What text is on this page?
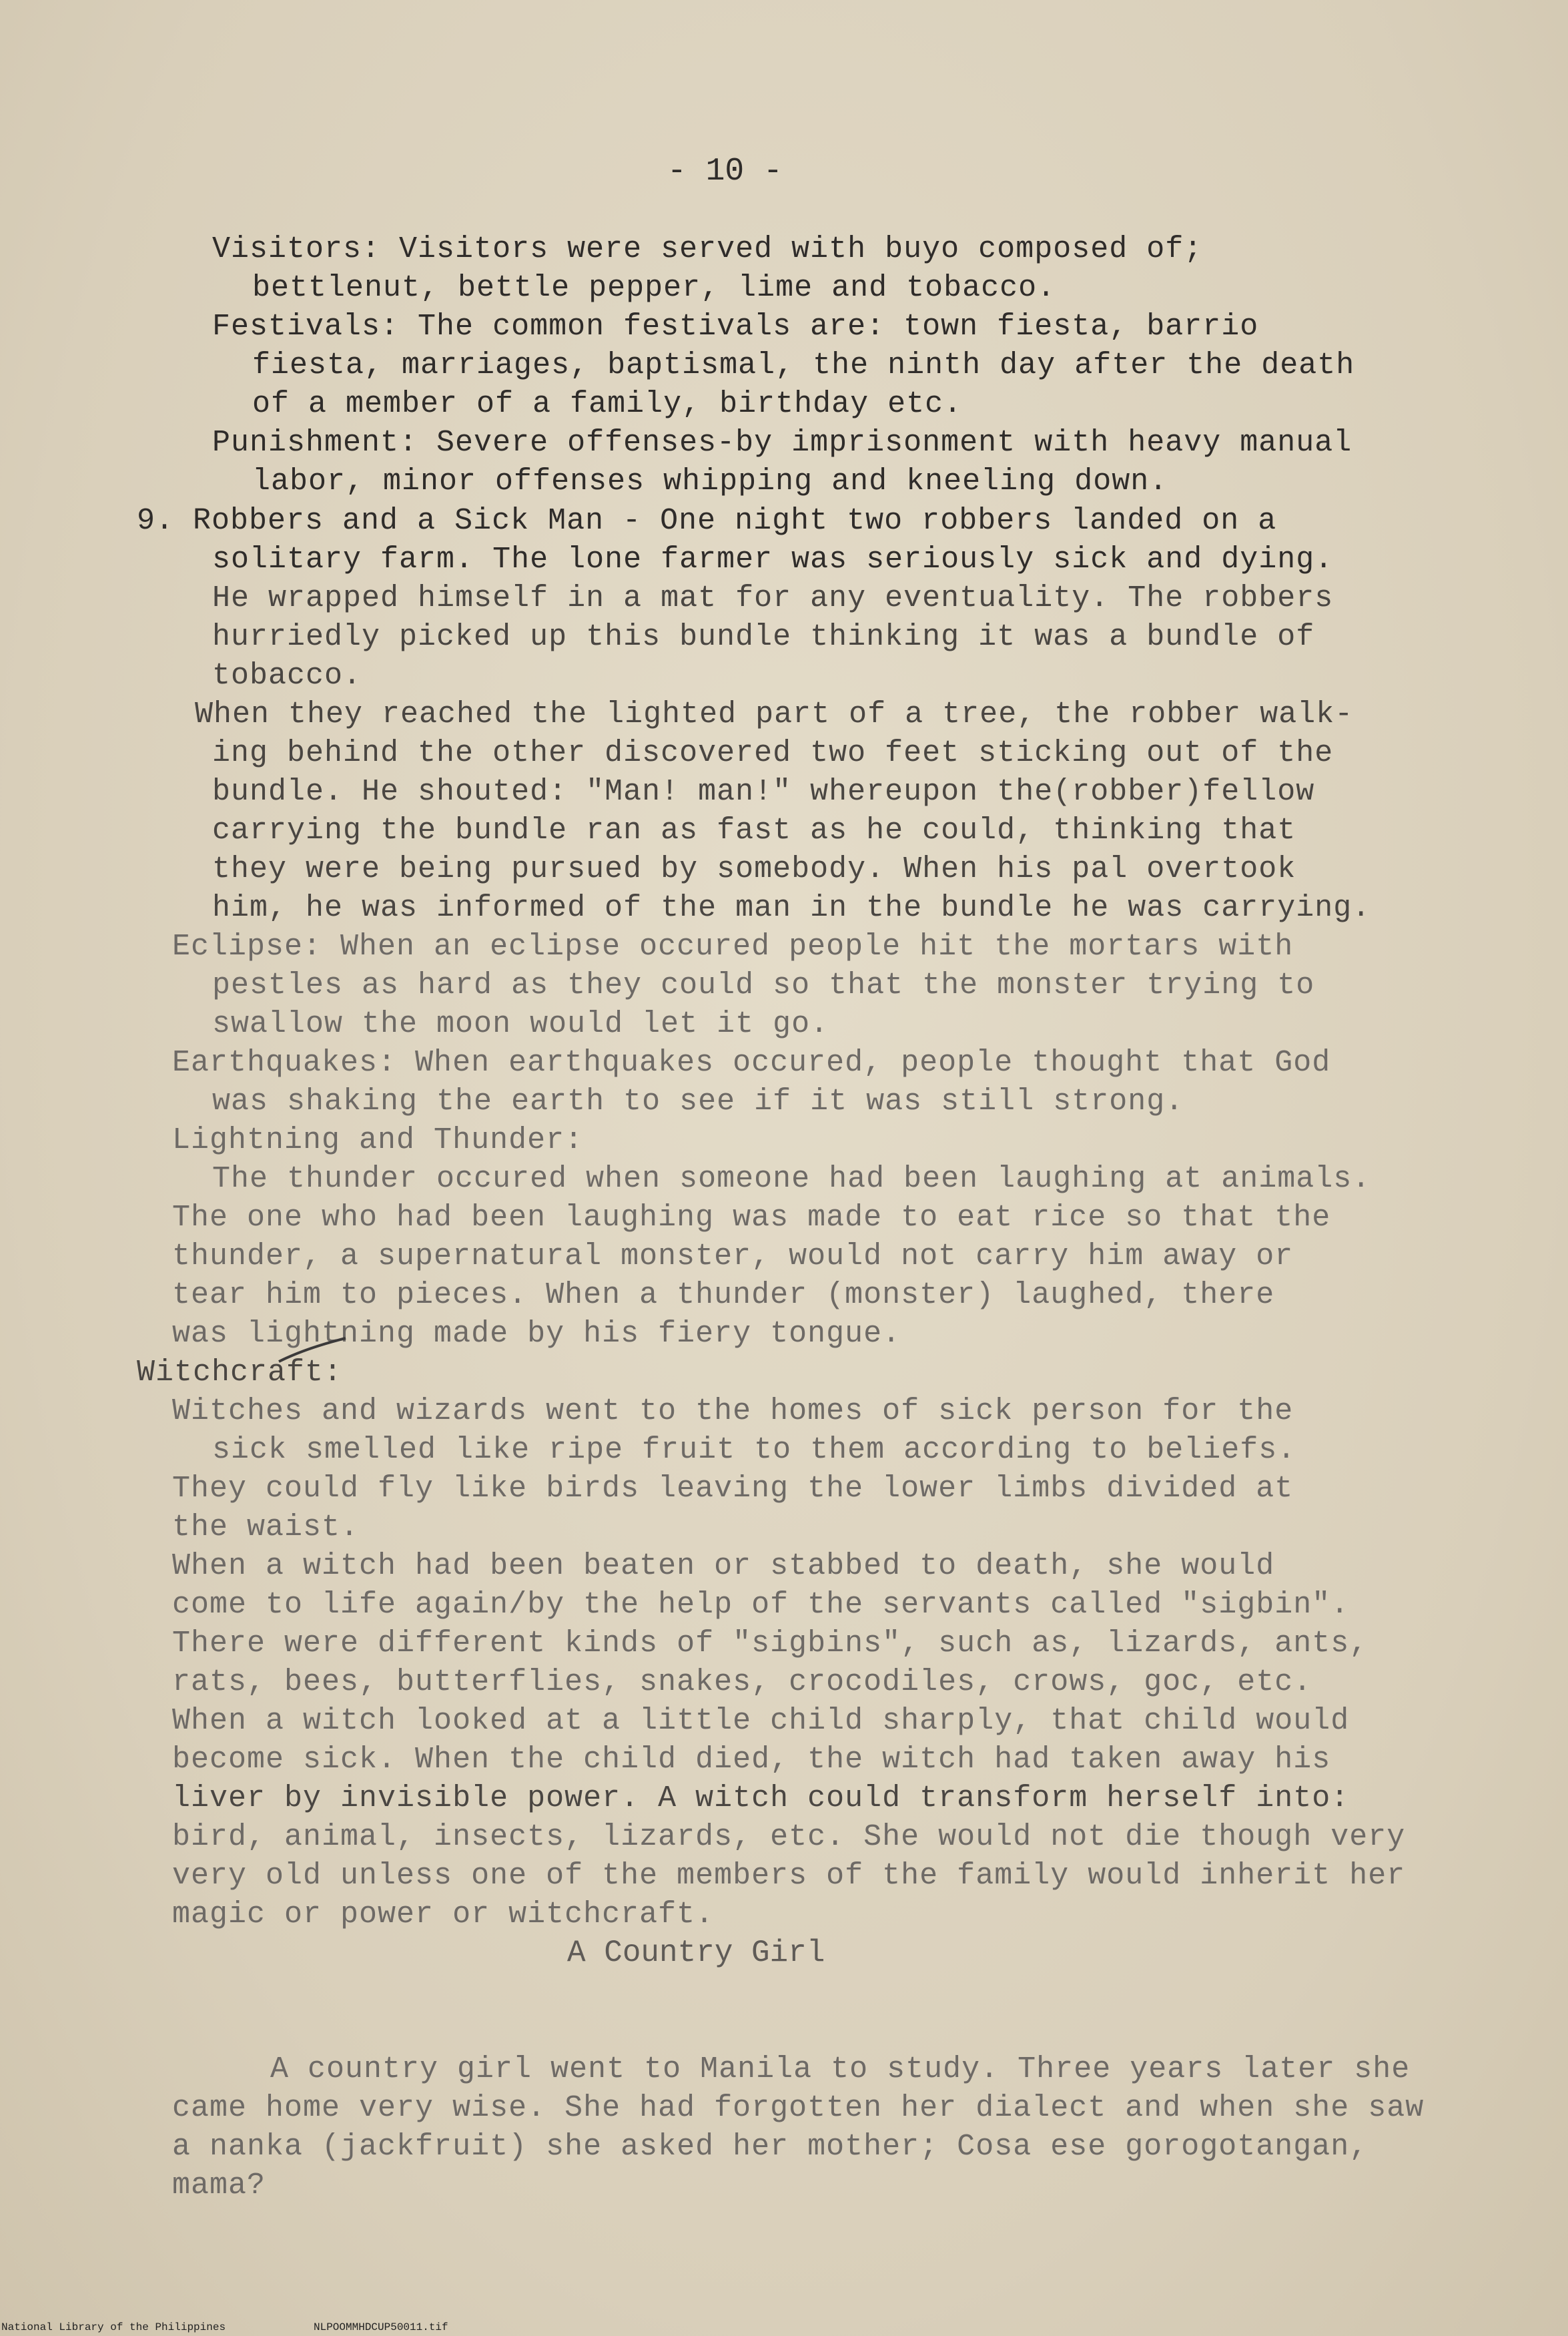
- 10 -
Visitors: Visitors were served with buyo composed of;
bettlenut, bettle pepper, lime and tobacco.
Festivals: The common festivals are: town fiesta, barrio
fiesta, marriages, baptismal, the ninth day after the death
of a member of a family, birthday etc.
Punishment: Severe offenses-by imprisonment with heavy manual
labor, minor offenses whipping and kneeling down.
9. Robbers and a Sick Man - One night two robbers landed on a
solitary farm. The lone farmer was seriously sick and dying.
He wrapped himself in a mat for any eventuality. The robbers
hurriedly picked up this bundle thinking it was a bundle of
tobacco.
When they reached the lighted part of a tree, the robber walk-
ing behind the other discovered two feet sticking out of the
bundle. He shouted: "Man! man!" whereupon the(robber)fellow
carrying the bundle ran as fast as he could, thinking that
they were being pursued by somebody. When his pal overtook
him, he was informed of the man in the bundle he was carrying.
Eclipse: When an eclipse occured people hit the mortars with
pestles as hard as they could so that the monster trying to
swallow the moon would let it go.
Earthquakes: When earthquakes occured, people thought that God
was shaking the earth to see if it was still strong.
Lightning and Thunder:
The thunder occured when someone had been laughing at animals.
The one who had been laughing was made to eat rice so that the
thunder, a supernatural monster, would not carry him away or
tear him to pieces. When a thunder (monster) laughed, there
was lightning made by his fiery tongue.
Witchcraft:
Witches and wizards went to the homes of sick person for the
sick smelled like ripe fruit to them according to beliefs.
They could fly like birds leaving the lower limbs divided at
the waist.
When a witch had been beaten or stabbed to death, she would
come to life again/by the help of the servants called "sigbin".
There were different kinds of "sigbins", such as, lizards, ants,
rats, bees, butterflies, snakes, crocodiles, crows, goc, etc.
When a witch looked at a little child sharply, that child would
become sick. When the child died, the witch had taken away his
liver by invisible power. A witch could transform herself into:
bird, animal, insects, lizards, etc. She would not die though very
very old unless one of the members of the family would inherit her
magic or power or witchcraft.
A Country Girl
A country girl went to Manila to study. Three years later she
came home very wise. She had forgotten her dialect and when she saw
a nanka (jackfruit) she asked her mother; Cosa ese gorogotangan,
mama?
National Library of the Philippines	NLPOOMMHDCUP50011.tif
